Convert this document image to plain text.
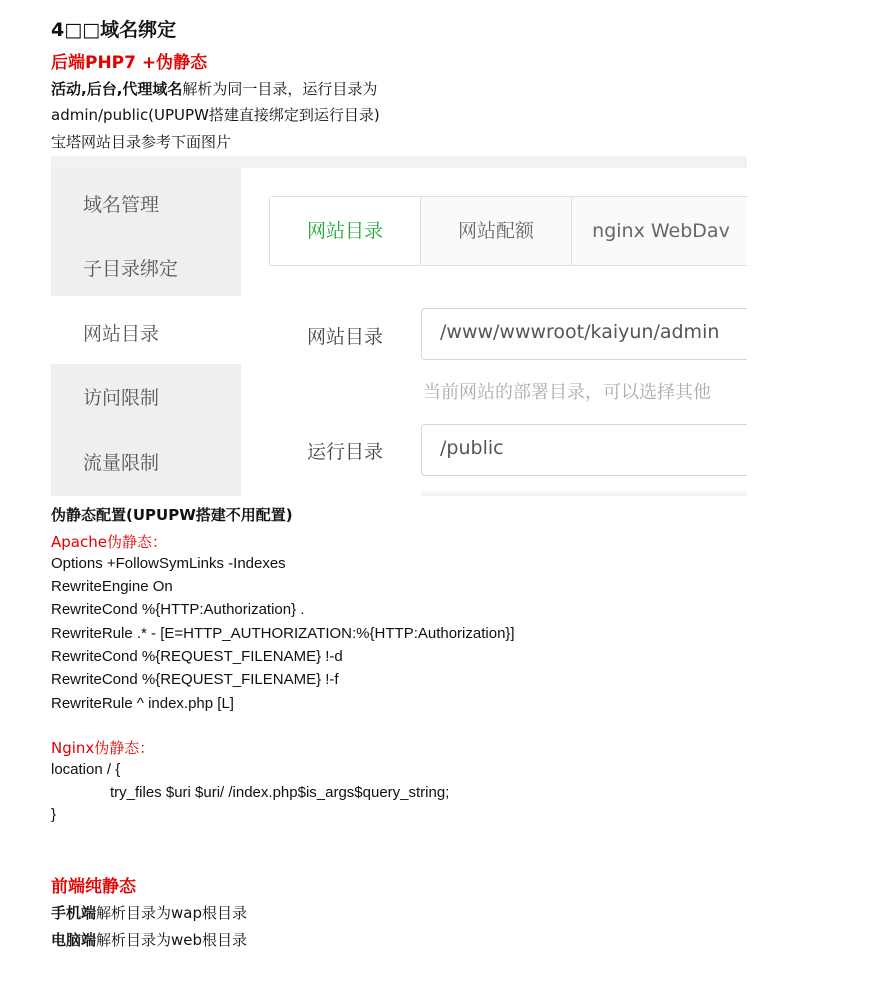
4□□域名绑定
后端PHP7 +伪静态
活动,后台,代理域名解析为同一目录，运行目录为
admin/public(UPUPW搭建直接绑定到运行目录)
宝塔网站目录参考下面图片
域名管理
子目录绑定
网站目录
访问限制
流量限制
网站目录	网站配额	nginx WebDav
网站目录	/www/wwwroot/kaiyun/admin
当前网站的部署目录，可以选择其他
运行目录	/public
伪静态配置(UPUPW搭建不用配置)
Apache伪静态：
Options +FollowSymLinks -Indexes
RewriteEngine On
RewriteCond %{HTTP:Authorization} .
RewriteRule .* - [E=HTTP_AUTHORIZATION:%{HTTP:Authorization}]
RewriteCond %{REQUEST_FILENAME} !-d
RewriteCond %{REQUEST_FILENAME} !-f
RewriteRule ^ index.php [L]
Nginx伪静态：
location / {
try_files $uri $uri/ /index.php$is_args$query_string;
}
前端纯静态
手机端解析目录为wap根目录
电脑端解析目录为web根目录
